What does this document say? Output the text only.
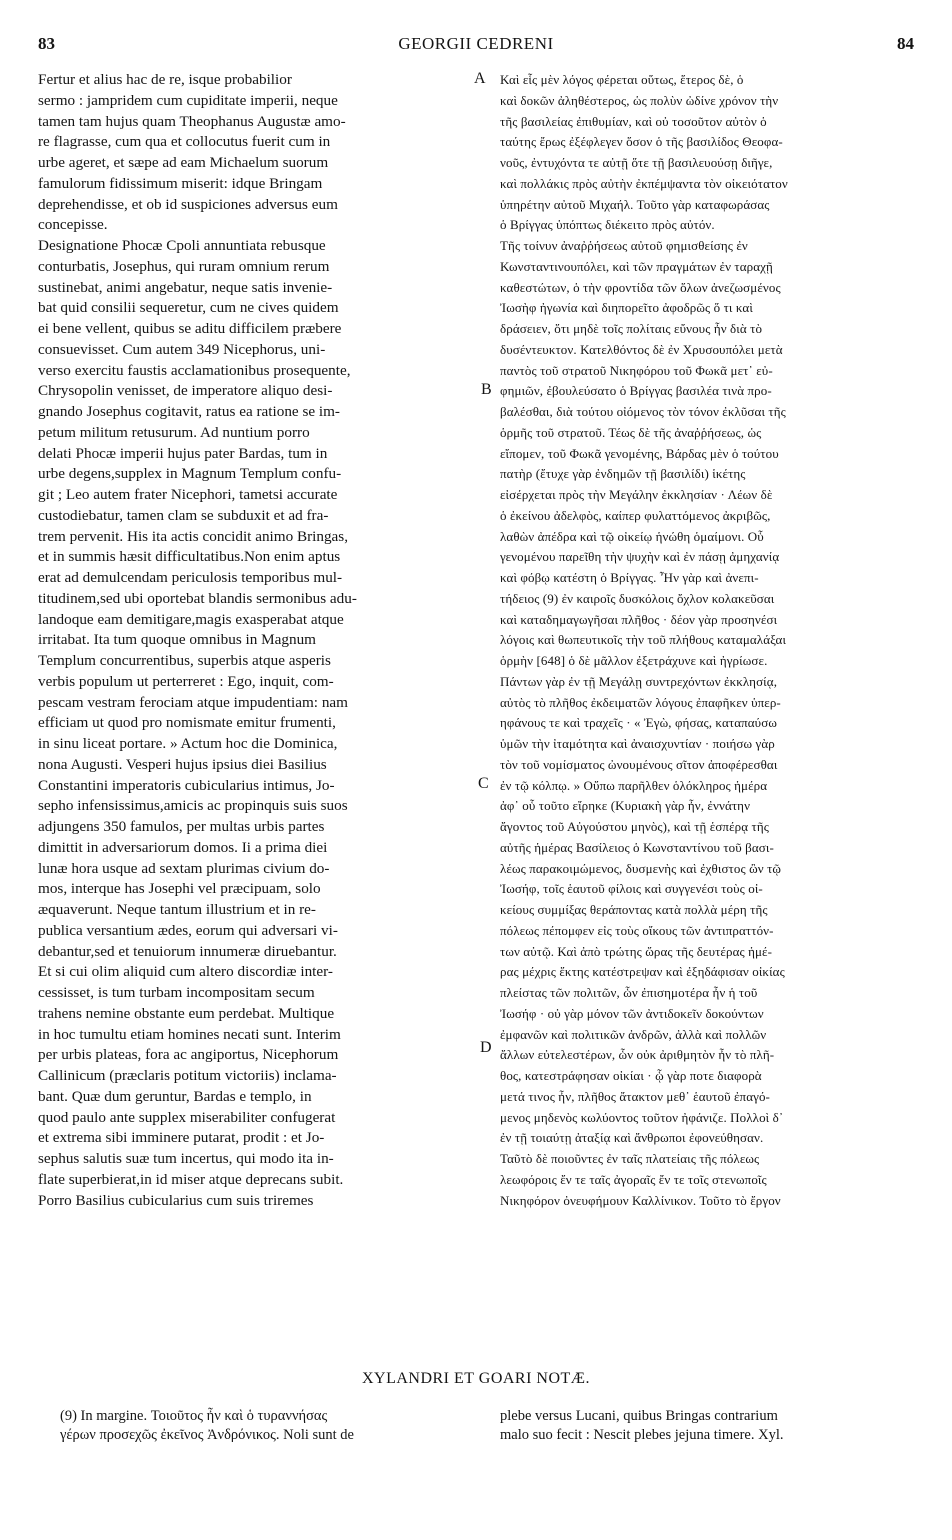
83	GEORGII CEDRENI	84
Fertur et alius hac de re, isque probabilior
sermo : jampridem cum cupiditate imperii, neque
tamen tam hujus quam Theophanus Augustæ amo-
re flagrasse, cum qua et collocutus fuerit cum in
urbe ageret, et sæpe ad eam Michaelum suorum
famulorum fidissimum miserit: idque Bringam
deprehendisse, et ob id suspiciones adversus eum
concepisse.
Designatione Phocæ Cpoli annuntiata rebusque
conturbatis, Josephus, qui ruram omnium rerum
sustinebat, animi angebatur, neque satis invenie-
bat quid consilii sequeretur, cum ne cives quidem
ei bene vellent, quibus se aditu difficilem præbere
consuevisset. Cum autem 349 Nicephorus, uni-
verso exercitu faustis acclamationibus prosequente,
Chrysopolin venisset, de imperatore aliquo desi-
gnando Josephus cogitavit, ratus ea ratione se im-
petum militum retusurum. Ad nuntium porro
delati Phocæ imperii hujus pater Bardas, tum in
urbe degens,supplex in Magnum Templum confu-
git ; Leo autem frater Nicephori, tametsi accurate
custodiebatur, tamen clam se subduxit et ad fra-
trem pervenit. His ita actis concidit animo Bringas,
et in summis hæsit difficultatibus.Non enim aptus
erat ad demulcendam periculosis temporibus mul-
titudinem,sed ubi oportebat blandis sermonibus adu-
landoque eam demitigare,magis exasperabat atque
irritabat. Ita tum quoque omnibus in Magnum
Templum concurrentibus, superbis atque asperis
verbis populum ut perterreret : Ego, inquit, com-
pescam vestram ferociam atque impudentiam: nam
efficiam ut quod pro nomismate emitur frumenti,
in sinu liceat portare. » Actum hoc die Dominica,
nona Augusti. Vesperi hujus ipsius diei Basilius
Constantini imperatoris cubicularius intimus, Jo-
sepho infensissimus,amicis ac propinquis suis suos
adjungens 350 famulos, per multas urbis partes
dimittit in adversariorum domos. Ii a prima diei
lunæ hora usque ad sextam plurimas civium do-
mos, interque has Josephi vel præcipuam, solo
æquaverunt. Neque tantum illustrium et in re-
publica versantium ædes, eorum qui adversari vi-
debantur,sed et tenuiorum innumeræ diruebantur.
Et si cui olim aliquid cum altero discordiæ inter-
cessisset, is tum turbam incompositam secum
trahens nemine obstante eum perdebat. Multique
in hoc tumultu etiam homines necati sunt. Interim
per urbis plateas, fora ac angiportus, Nicephorum
Callinicum (præclaris potitum victoriis) inclama-
bant. Quæ dum geruntur, Bardas e templo, in
quod paulo ante supplex miserabiliter confugerat
et extrema sibi imminere putarat, prodit : et Jo-
sephus salutis suæ tum incertus, qui modo ita in-
flate superbierat,in id miser atque deprecans subit.
Porro Basilius cubicularius cum suis triremes
Καὶ εἷς μὲν λόγος φέρεται οὕτως, ἕτερος δὲ, ὁ
καὶ δοκῶν ἀληθέστερος, ὡς πολὺν ὠδίνε χρόνον τὴν
τῆς βασιλείας ἐπιθυμίαν, καὶ οὐ τοσοῦτον αὐτὸν ὁ
ταύτης ἔρως ἐξέφλεγεν ὅσον ὁ τῆς βασιλίδος Θεοφα-
νοῦς, ἐντυχόντα τε αὐτῇ ὅτε τῇ βασιλευούσῃ διῆγε,
καὶ πολλάκις πρὸς αὐτὴν ἐκπέμψαντα τὸν οἰκειότατον
ὑπηρέτην αὐτοῦ Μιχαήλ. Τοῦτο γὰρ καταφωράσας
ὁ Βρίγγας ὑπόπτως διέκειτο πρὸς αὐτόν.
Τῆς τοίνυν ἀναῤῥήσεως αὐτοῦ φημισθείσης ἐν
Κωνσταντινουπόλει, καὶ τῶν πραγμάτων ἐν ταραχῇ
καθεστώτων, ὁ τὴν φροντίδα τῶν ὅλων ἀνεζωσμένος
Ἰωσὴφ ἠγωνία καὶ διηπορεῖτο ἀφοδρῶς ὅ τι καὶ
δράσειεν, ὅτι μηδὲ τοῖς πολίταις εὔνους ἦν διὰ τὸ
δυσέντευκτον. Κατελθόντος δὲ ἐν Χρυσουπόλει μετὰ
παντὸς τοῦ στρατοῦ Νικηφόρου τοῦ Φωκᾶ μετ᾽ εὐ-
φημιῶν, ἐβουλεύσατο ὁ Βρίγγας βασιλέα τινὰ προ-
βαλέσθαι, διὰ τούτου οἰόμενος τὸν τόνον ἐκλῦσαι τῆς
ὁρμῆς τοῦ στρατοῦ. Τέως δὲ τῆς ἀναῤῥήσεως, ὡς
εἴπομεν, τοῦ Φωκᾶ γενομένης, Βάρδας μὲν ὁ τούτου
πατὴρ (ἔτυχε γὰρ ἐνδημῶν τῇ βασιλίδι) ἱκέτης
εἰσέρχεται πρὸς τὴν Μεγάλην ἐκκλησίαν · Λέων δὲ
ὁ ἐκείνου ἀδελφὸς, καίπερ φυλαττόμενος ἀκριβῶς,
λαθὼν ἀπέδρα καὶ τῷ οἰκείῳ ἡνώθη ὁμαίμονι. Οὗ
γενομένου παρεῖθη τὴν ψυχὴν καὶ ἐν πάσῃ ἀμηχανίᾳ
καὶ φόβῳ κατέστη ὁ Βρίγγας. Ἦν γὰρ καὶ ἀνεπι-
τήδειος (9) ἐν καιροῖς δυσκόλοις ὄχλον κολακεῦσαι
καὶ καταδημαγωγῆσαι πλῆθος · δέον γὰρ προσηνέσι
λόγοις καὶ θωπευτικοῖς τὴν τοῦ πλήθους καταμαλάξαι
ὁρμὴν [648] ὁ δὲ μᾶλλον ἐξετράχυνε καὶ ἠγρίωσε.
Πάντων γὰρ ἐν τῇ Μεγάλῃ συντρεχόντων ἐκκλησίᾳ,
αὐτὸς τὸ πλῆθος ἐκδειματῶν λόγους ἐπαφῆκεν ὑπερ-
ηφάνους τε καὶ τραχεῖς · « Ἐγὼ, φήσας, καταπαύσω
ὑμῶν τὴν ἰταμότητα καὶ ἀναισχυντίαν · ποιήσω γὰρ
τὸν τοῦ νομίσματος ὠνουμένους σῖτον ἀποφέρεσθαι
ἐν τῷ κόλπῳ. » Οὔπω παρῆλθεν ὁλόκληρος ἡμέρα
ἀφ᾽ οὗ τοῦτο εἴρηκε (Κυριακὴ γὰρ ἦν, ἐννάτην
ἄγοντος τοῦ Αὐγούστου μηνὸς), καὶ τῇ ἑσπέρᾳ τῆς
αὐτῆς ἡμέρας Βασίλειος ὁ Κωνσταντίνου τοῦ βασι-
λέως παρακοιμώμενος, δυσμενὴς καὶ ἐχθιστος ὢν τῷ
Ἰωσήφ, τοῖς ἑαυτοῦ φίλοις καὶ συγγενέσι τοὺς οἰ-
κείους συμμίξας θεράποντας κατὰ πολλὰ μέρη τῆς
πόλεως πέπομφεν εἰς τοὺς οἴκους τῶν ἀντιπραττόν-
των αὐτῷ. Καὶ ἀπὸ τρώτης ὥρας τῆς δευτέρας ἡμέ-
ρας μέχρις ἕκτης κατέστρεψαν καὶ ἐξηδάφισαν οἰκίας
πλείστας τῶν πολιτῶν, ὧν ἐπισημοτέρα ἦν ἡ τοῦ
Ἰωσήφ · οὐ γὰρ μόνον τῶν ἀντιδοκεῖν δοκούντων
ἐμφανῶν καὶ πολιτικῶν ἀνδρῶν, ἀλλὰ καὶ πολλῶν
ἄλλων εὐτελεστέρων, ὧν οὐκ ἀριθμητὸν ἦν τὸ πλῆ-
θος, κατεστράφησαν οἰκίαι · ᾧ γὰρ ποτε διαφορὰ
μετά τινος ἦν, πλῆθος ἄτακτον μεθ᾽ ἑαυτοῦ ἐπαγό-
μενος μηδενὸς κωλύοντος τοῦτον ἠφάνιζε. Πολλοὶ δ᾽
ἐν τῇ τοιαύτῃ ἀταξίᾳ καὶ ἄνθρωποι ἐφονεύθησαν.
Ταῦτὸ δὲ ποιοῦντες ἐν ταῖς πλατείαις τῆς πόλεως
λεωφόροις ἔν τε ταῖς ἀγοραῖς ἔν τε τοῖς στενωποῖς
Νικηφόρον ὀνευφήμουν Καλλίνικον. Τοῦτο τὸ ἔργον
A
B
C
D
XYLANDRI ET GOARI NOTÆ.
(9) In margine. Τοιοῦτος ἦν καὶ ὁ τυραννήσας
γέρων προσεχῶς ἐκεῖνος Ἀνδρόνικος. Noli sunt de
plebe versus Lucani, quibus Bringas contrarium
malo suo fecit : Nescit plebes jejuna timere. Xyl.
